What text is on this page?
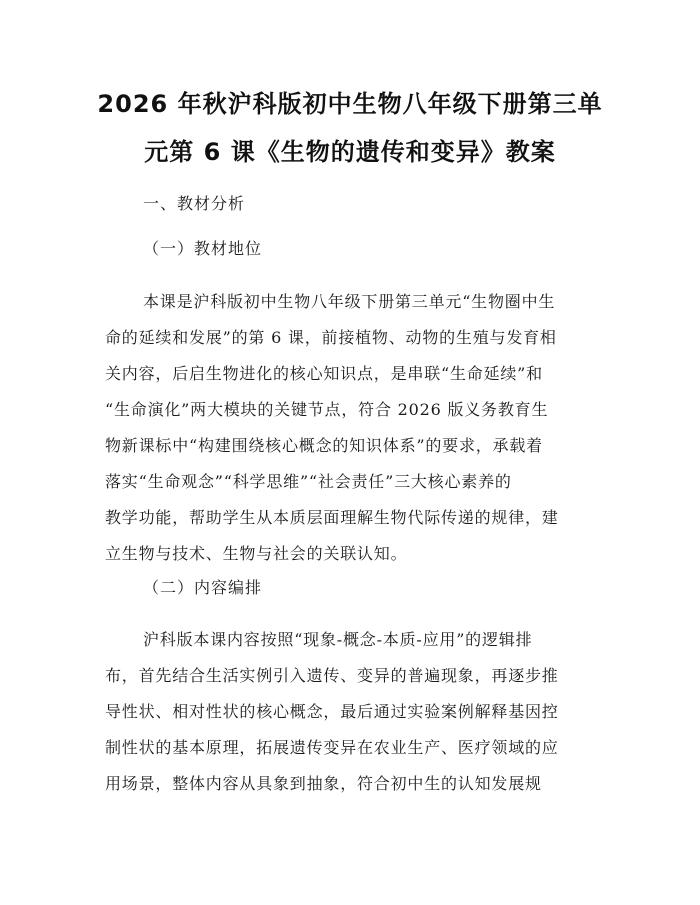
2026 年秋沪科版初中生物八年级下册第三单
元第 6 课《生物的遗传和变异》教案
一、教材分析
（一）教材地位
本课是沪科版初中生物八年级下册第三单元“生物圈中生
命的延续和发展”的第 6 课，前接植物、动物的生殖与发育相
关内容，后启生物进化的核心知识点，是串联“生命延续”和
“生命演化”两大模块的关键节点，符合 2026 版义务教育生
物新课标中“构建围绕核心概念的知识体系”的要求，承载着
落实“生命观念”“科学思维”“社会责任”三大核心素养的
教学功能，帮助学生从本质层面理解生物代际传递的规律，建
立生物与技术、生物与社会的关联认知。
（二）内容编排
沪科版本课内容按照“现象-概念-本质-应用”的逻辑排
布，首先结合生活实例引入遗传、变异的普遍现象，再逐步推
导性状、相对性状的核心概念，最后通过实验案例解释基因控
制性状的基本原理，拓展遗传变异在农业生产、医疗领域的应
用场景，整体内容从具象到抽象，符合初中生的认知发展规
